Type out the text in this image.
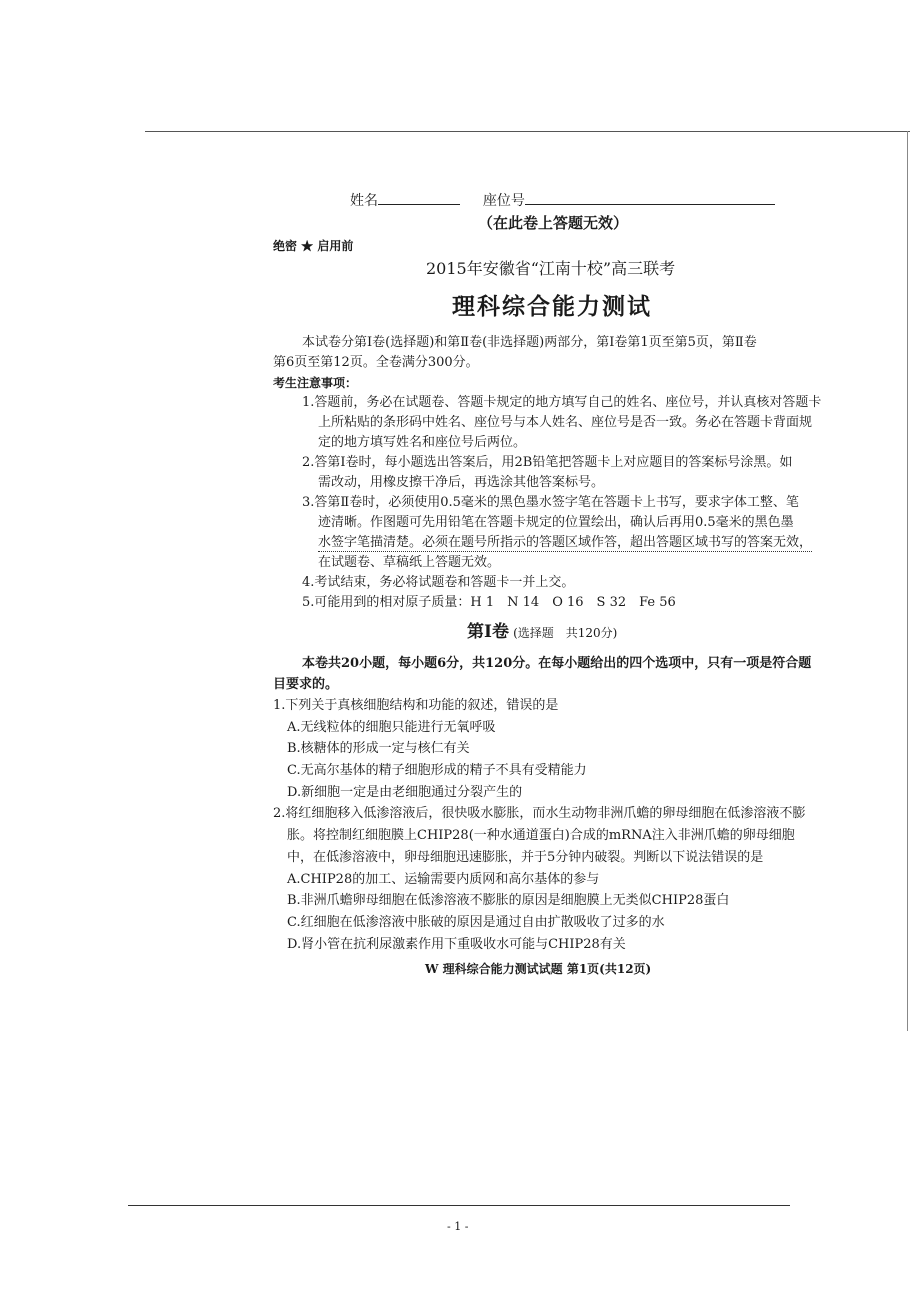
姓名	座位号
（在此卷上答题无效）
绝密 ★ 启用前
2015年安徽省“江南十校”高三联考
理科综合能力测试
本试卷分第Ⅰ卷(选择题)和第Ⅱ卷(非选择题)两部分，第Ⅰ卷第1页至第5页，第Ⅱ卷
第6页至第12页。全卷满分300分。
考生注意事项：
1.答题前，务必在试题卷、答题卡规定的地方填写自己的姓名、座位号，并认真核对答题卡
上所粘贴的条形码中姓名、座位号与本人姓名、座位号是否一致。务必在答题卡背面规
定的地方填写姓名和座位号后两位。
2.答第Ⅰ卷时，每小题选出答案后，用2B铅笔把答题卡上对应题目的答案标号涂黑。如
需改动，用橡皮擦干净后，再选涂其他答案标号。
3.答第Ⅱ卷时，必须使用0.5毫米的黑色墨水签字笔在答题卡上书写，要求字体工整、笔
迹清晰。作图题可先用铅笔在答题卡规定的位置绘出，确认后再用0.5毫米的黑色墨
水签字笔描清楚。必须在题号所指示的答题区域作答，超出答题区域书写的答案无效，
在试题卷、草稿纸上答题无效。
4.考试结束，务必将试题卷和答题卡一并上交。
5.可能用到的相对原子质量：H 1　N 14　O 16　S 32　Fe 56
第Ⅰ卷 (选择题　共120分)
本卷共20小题，每小题6分，共120分。在每小题给出的四个选项中，只有一项是符合题
目要求的。
1.下列关于真核细胞结构和功能的叙述，错误的是
A.无线粒体的细胞只能进行无氧呼吸
B.核糖体的形成一定与核仁有关
C.无高尔基体的精子细胞形成的精子不具有受精能力
D.新细胞一定是由老细胞通过分裂产生的
2.将红细胞移入低渗溶液后，很快吸水膨胀，而水生动物非洲爪蟾的卵母细胞在低渗溶液不膨
胀。将控制红细胞膜上CHIP28(一种水通道蛋白)合成的mRNA注入非洲爪蟾的卵母细胞
中，在低渗溶液中，卵母细胞迅速膨胀，并于5分钟内破裂。判断以下说法错误的是
A.CHIP28的加工、运输需要内质网和高尔基体的参与
B.非洲爪蟾卵母细胞在低渗溶液不膨胀的原因是细胞膜上无类似CHIP28蛋白
C.红细胞在低渗溶液中胀破的原因是通过自由扩散吸收了过多的水
D.肾小管在抗利尿激素作用下重吸收水可能与CHIP28有关
W 理科综合能力测试试题 第1页(共12页)
- 1 -
